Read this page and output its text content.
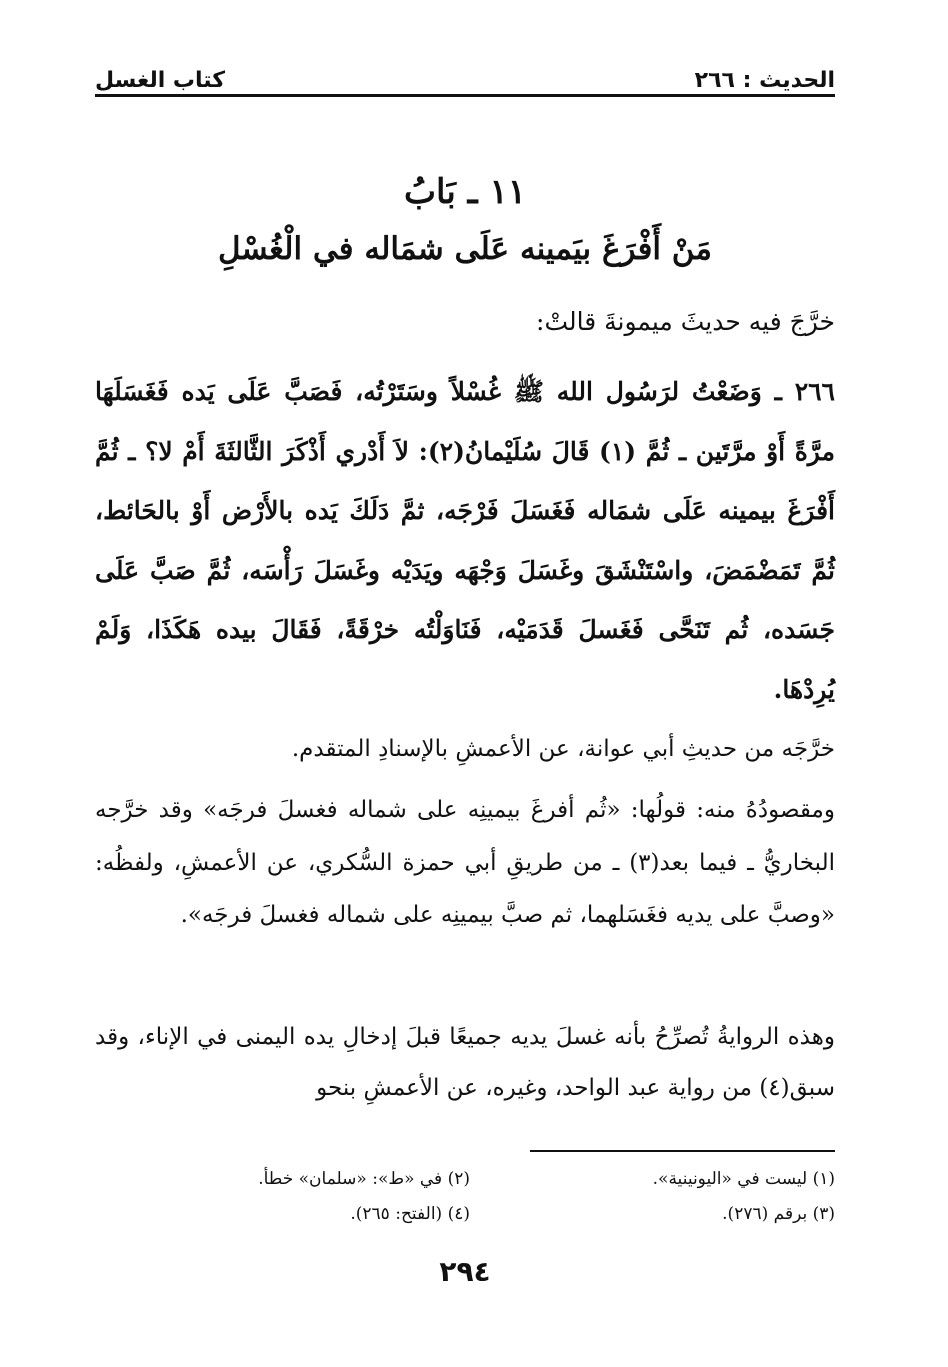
الحديث : ٢٦٦
كتاب الغسل
١١ ـ بَابُ
مَنْ أَفْرَغَ بيَمينه عَلَى شمَاله في الْغُسْلِ
خرَّجَ فيه حديثَ ميمونةَ قالتْ:
٢٦٦ ـ وَضَعْتُ لرَسُول الله ﷺ غُسْلاً وسَتَرْتُه، فَصَبَّ عَلَى يَده فَغَسَلَهَا مرَّةً أَوْ مرَّتَين ـ ثُمَّ (١) قَالَ سُلَيْمانُ(٢): لاَ أَدْري أَذْكَرَ الثَّالثَةَ أَمْ لا؟ ـ ثُمَّ أَفْرَغَ بيمينه عَلَى شمَاله فَغَسَلَ فَرْجَه، ثمَّ دَلَكَ يَده بالأَرْض أَوْ بالحَائط، ثُمَّ تَمَضْمَضَ، واسْتَنْشَقَ وغَسَلَ وَجْهَه ويَدَيْه وغَسَلَ رَأْسَه، ثُمَّ صَبَّ عَلَى جَسَده، ثُم تَنَحَّى فَغَسلَ قَدَمَيْه، فَنَاوَلْتُه خرْقَةً، فَقَالَ بيده هَكَذَا، وَلَمْ يُرِدْهَا.
خرَّجَه من حديثِ أبي عوانة، عن الأعمشِ بالإسنادِ المتقدم.
ومقصودُهُ منه: قولُها: «ثُم أفرغَ بيمينِه على شماله فغسلَ فرجَه» وقد خرَّجه البخاريُّ ـ فيما بعد(٣) ـ من طريقِ أبي حمزة السُّكري، عن الأعمشِ، ولفظُه: «وصبَّ على يديه فغَسَلهما، ثم صبَّ بيمينِه على شماله فغسلَ فرجَه».
وهذه الروايةُ تُصرِّحُ بأنه غسلَ يديه جميعًا قبلَ إدخالِ يده اليمنى في الإناء، وقد سبق(٤) من رواية عبد الواحد، وغيره، عن الأعمشِ بنحو
(١) ليست في «اليونينية».
(٢) في «ط»: «سلمان» خطأ.
(٣) برقم (٢٧٦).
(٤) (الفتح: ٢٦٥).
٢٩٤
